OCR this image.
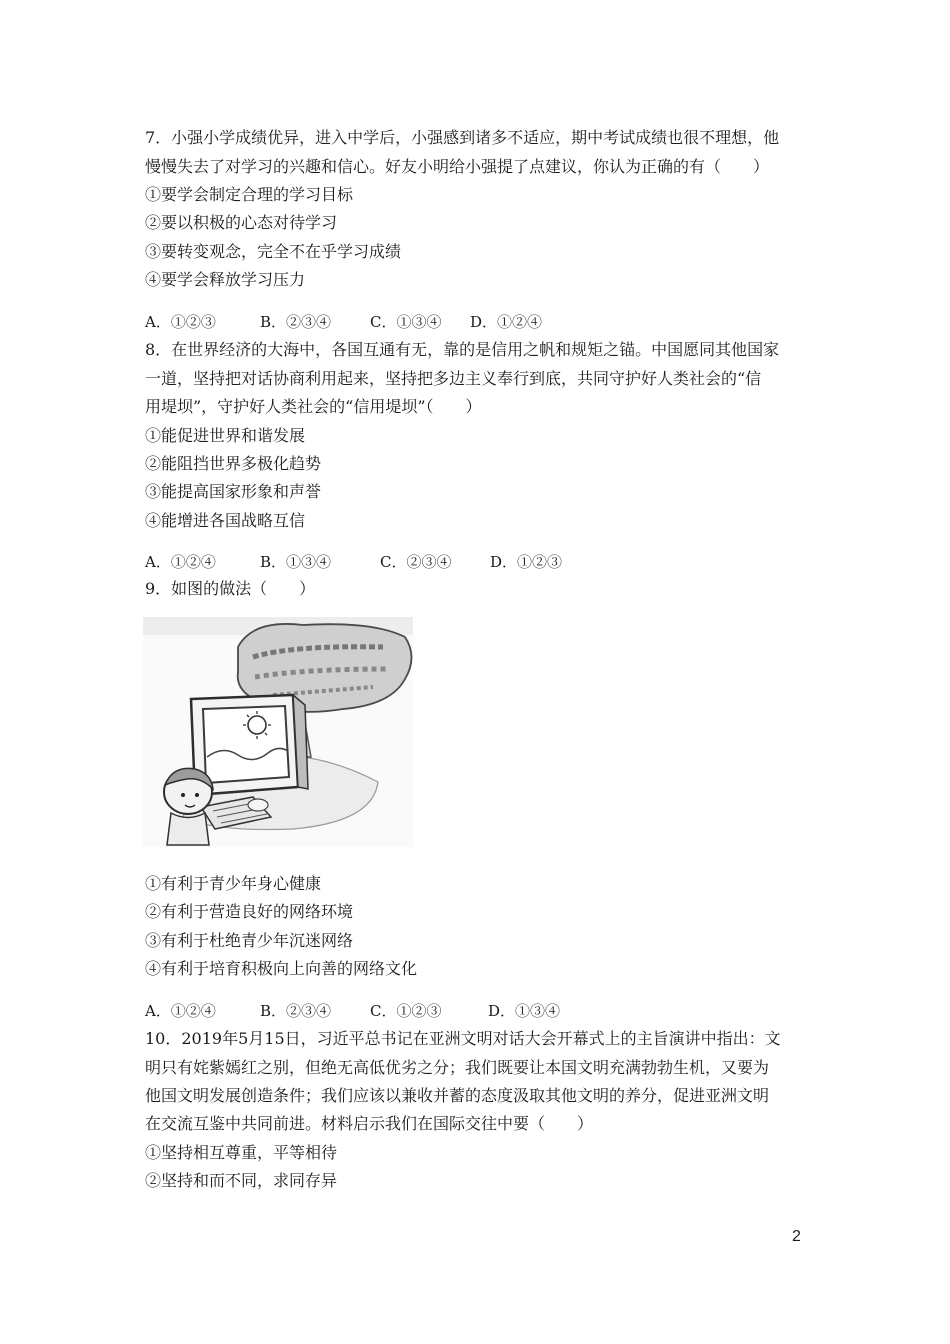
7．小强小学成绩优异，进入中学后，小强感到诸多不适应，期中考试成绩也很不理想，他
慢慢失去了对学习的兴趣和信心。好友小明给小强提了点建议，你认为正确的有（　　）
①要学会制定合理的学习目标
②要以积极的心态对待学习
③要转变观念，完全不在乎学习成绩
④要学会释放学习压力
A．①②③	B．②③④	C．①③④ D．①②④
8．在世界经济的大海中，各国互通有无，靠的是信用之帆和规矩之锚。中国愿同其他国家
一道，坚持把对话协商利用起来，坚持把多边主义奉行到底，共同守护好人类社会的“信
用堤坝”，守护好人类社会的“信用堤坝”（　　）
①能促进世界和谐发展
②能阻挡世界多极化趋势
③能提高国家形象和声誉
④能增进各国战略互信
A．①②④	B．①③④	C．②③④	D．①②③
9．如图的做法（　　）
①有利于青少年身心健康
②有利于营造良好的网络环境
③有利于杜绝青少年沉迷网络
④有利于培育积极向上向善的网络文化
A．①②④	B．②③④	C．①②③	D．①③④
10．2019年5月15日，习近平总书记在亚洲文明对话大会开幕式上的主旨演讲中指出：文
明只有姹紫嫣红之别，但绝无高低优劣之分；我们既要让本国文明充满勃勃生机，又要为
他国文明发展创造条件；我们应该以兼收并蓄的态度汲取其他文明的养分，促进亚洲文明
在交流互鉴中共同前进。材料启示我们在国际交往中要（　　）
①坚持相互尊重，平等相待
②坚持和而不同，求同存异
2
